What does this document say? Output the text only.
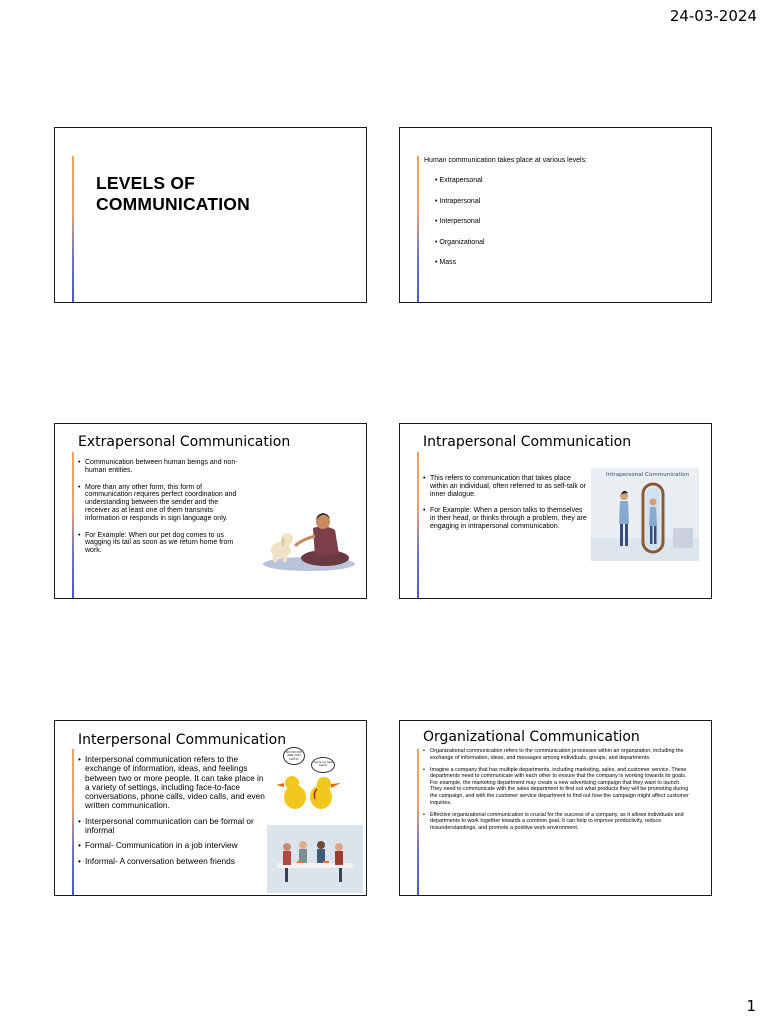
24-03-2024
LEVELS OF
COMMUNICATION
Human communication takes place at various levels:
• Extrapersonal
• Intrapersonal
• Interpersonal
• Organizational
• Mass
Extrapersonal Communication
• Communication between human beings and non-human entities.
• More than any other form, this form of communication requires perfect coordination and understanding between the sender and the receiver as at least one of them transmits information or responds in sign language only.
• For Example: When our pet dog comes to us wagging its tail as soon as we return home from work.
Intrapersonal Communication
• This refers to communication that takes place within an individual, often referred to as self-talk or inner dialogue.
• For Example: When a person talks to themselves in their head, or thinks through a problem, they are engaging in intrapersonal communication.
Intrapersonal Communication
Interpersonal Communication
• Interpersonal communication refers to the exchange of information, ideas, and feelings between two or more people. It can take place in a variety of settings, including face-to-face conversations, phone calls, video calls, and even written communication.
• Interpersonal communication can be formal or informal
• Formal- Communication in a job interview
• Informal- A conversation between friends
NO NO NO! ARE YOU NUTS!
You're my best friend
Organizational Communication
• Organizational communication refers to the communication processes within an organization, including the exchange of information, ideas, and messages among individuals, groups, and departments.
• Imagine a company that has multiple departments, including marketing, sales, and customer service. These departments need to communicate with each other to ensure that the company is working towards its goals. For example, the marketing department may create a new advertising campaign that they want to launch. They need to communicate with the sales department to find out what products they will be promoting during the campaign, and with the customer service department to find out how the campaign might affect customer inquiries.
• Effective organizational communication is crucial for the success of a company, as it allows individuals and departments to work together towards a common goal. It can help to improve productivity, reduce misunderstandings, and promote a positive work environment.
1
